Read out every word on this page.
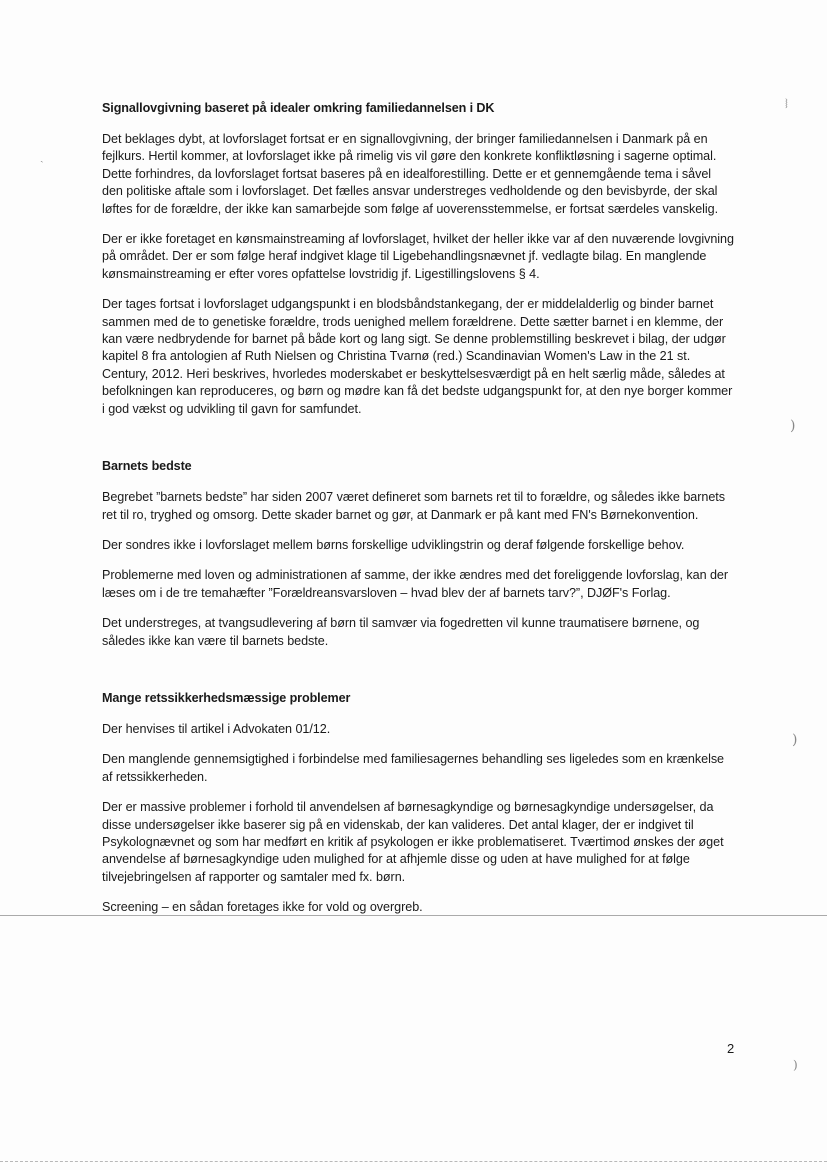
Signallovgivning baseret på idealer omkring familiedannelsen i DK
Det beklages dybt, at lovforslaget fortsat er en signallovgivning, der bringer familiedannelsen i Danmark på en fejlkurs. Hertil kommer, at lovforslaget ikke på rimelig vis vil gøre den konkrete konfliktløsning i sagerne optimal. Dette forhindres, da lovforslaget fortsat baseres på en idealforestilling. Dette er et gennemgående tema i såvel den politiske aftale som i lovforslaget. Det fælles ansvar understreges vedholdende og den bevisbyrde, der skal løftes for de forældre, der ikke kan samarbejde som følge af uoverensstemmelse, er fortsat særdeles vanskelig.
Der er ikke foretaget en kønsmainstreaming af lovforslaget, hvilket der heller ikke var af den nuværende lovgivning på området. Der er som følge heraf indgivet klage til Ligebehandlingsnævnet jf. vedlagte bilag. En manglende kønsmainstreaming er efter vores opfattelse lovstridig jf. Ligestillingslovens § 4.
Der tages fortsat i lovforslaget udgangspunkt i en blodsbåndstankegang, der er middelalderlig og binder barnet sammen med de to genetiske forældre, trods uenighed mellem forældrene. Dette sætter barnet i en klemme, der kan være nedbrydende for barnet på både kort og lang sigt. Se denne problemstilling beskrevet i bilag, der udgør kapitel 8 fra antologien af Ruth Nielsen og Christina Tvarnø (red.) Scandinavian Women's Law in the 21 st. Century, 2012. Heri beskrives, hvorledes moderskabet er beskyttelsesværdigt på en helt særlig måde, således at befolkningen kan reproduceres, og børn og mødre kan få det bedste udgangspunkt for, at den nye borger kommer i god vækst og udvikling til gavn for samfundet.
Barnets bedste
Begrebet ”barnets bedste” har siden 2007 været defineret som barnets ret til to forældre, og således ikke barnets ret til ro, tryghed og omsorg. Dette skader barnet og gør, at Danmark er på kant med FN's Børnekonvention.
Der sondres ikke i lovforslaget mellem børns forskellige udviklingstrin og deraf følgende forskellige behov.
Problemerne med loven og administrationen af samme, der ikke ændres med det foreliggende lovforslag, kan der læses om i de tre temahæfter ”Forældreansvarsloven – hvad blev der af barnets tarv?”, DJØF's Forlag.
Det understreges, at tvangsudlevering af børn til samvær via fogedretten vil kunne traumatisere børnene, og således ikke kan være til barnets bedste.
Mange retssikkerhedsmæssige problemer
Der henvises til artikel i Advokaten 01/12.
Den manglende gennemsigtighed i forbindelse med familiesagernes behandling ses ligeledes som en krænkelse af retssikkerheden.
Der er massive problemer i forhold til anvendelsen af børnesagkyndige og børnesagkyndige undersøgelser, da disse undersøgelser ikke baserer sig på en videnskab, der kan valideres. Det antal klager, der er indgivet til Psykolognævnet og som har medført en kritik af psykologen er ikke problematiseret. Tværtimod ønskes der øget anvendelse af børnesagkyndige uden mulighed for at afhjemle disse og uden at have mulighed for at følge tilvejebringelsen af rapporter og samtaler med fx. børn.
Screening – en sådan foretages ikke for vold og overgreb.
2
⧘
ˎ
)
)
)
